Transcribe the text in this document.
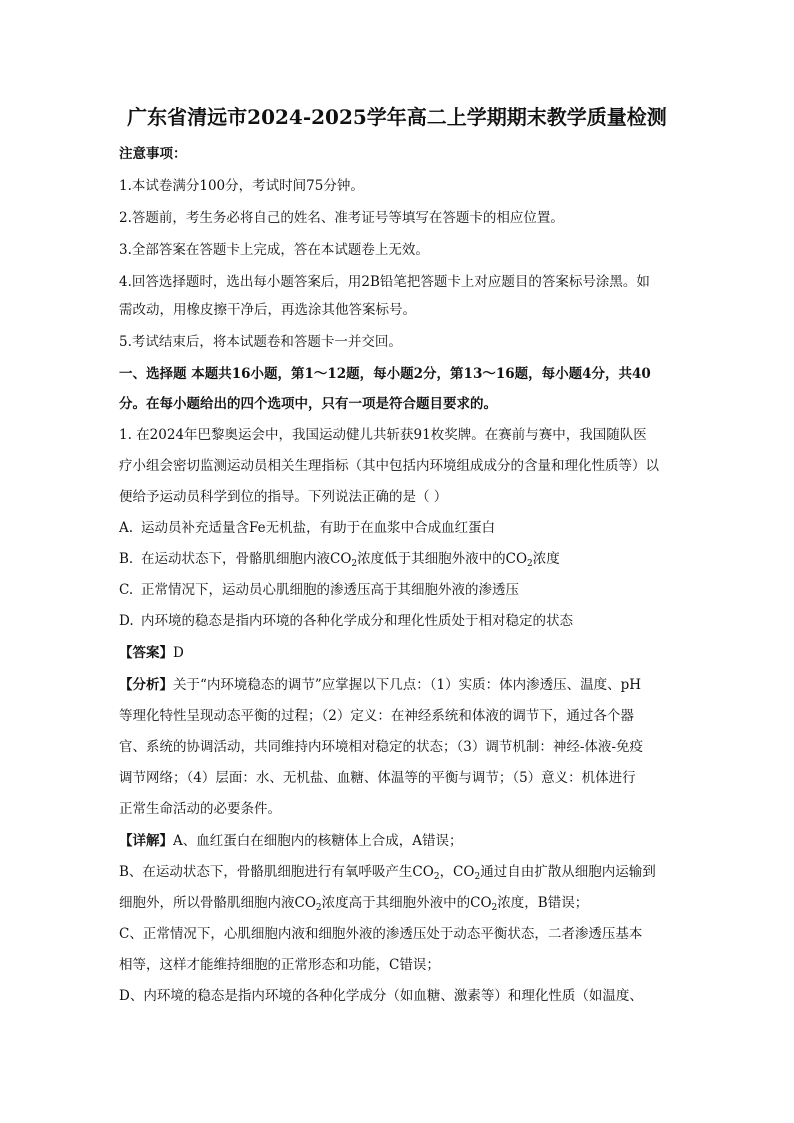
广东省清远市2024-2025学年高二上学期期末教学质量检测
注意事项：
1.本试卷满分100分，考试时间75分钟。
2.答题前，考生务必将自己的姓名、准考证号等填写在答题卡的相应位置。
3.全部答案在答题卡上完成，答在本试题卷上无效。
4.回答选择题时，选出每小题答案后，用2B铅笔把答题卡上对应题目的答案标号涂黑。如
需改动，用橡皮擦干净后，再选涂其他答案标号。
5.考试结束后，将本试题卷和答题卡一并交回。
一、选择题 本题共16小题，第1～12题，每小题2分，第13～16题，每小题4分，共40
分。在每小题给出的四个选项中，只有一项是符合题目要求的。
1. 在2024年巴黎奥运会中，我国运动健儿共斩获91枚奖牌。在赛前与赛中，我国随队医
疗小组会密切监测运动员相关生理指标（其中包括内环境组成成分的含量和理化性质等）以
便给予运动员科学到位的指导。下列说法正确的是（ ）
A. 运动员补充适量含Fe无机盐，有助于在血浆中合成血红蛋白
B. 在运动状态下，骨骼肌细胞内液$CO_2$浓度低于其细胞外液中的$CO_2$浓度
C. 正常情况下，运动员心肌细胞的渗透压高于其细胞外液的渗透压
D. 内环境的稳态是指内环境的各种化学成分和理化性质处于相对稳定的状态
【答案】D
【分析】关于“内环境稳态的调节”应掌握以下几点：（1）实质：体内渗透压、温度、pH
等理化特性呈现动态平衡的过程；（2）定义：在神经系统和体液的调节下，通过各个器
官、系统的协调活动，共同维持内环境相对稳定的状态；（3）调节机制：神经-体液-免疫
调节网络；（4）层面：水、无机盐、血糖、体温等的平衡与调节；（5）意义：机体进行
正常生命活动的必要条件。
【详解】A、血红蛋白在细胞内的核糖体上合成，A错误；
B、在运动状态下，骨骼肌细胞进行有氧呼吸产生$CO_2$，$CO_2$通过自由扩散从细胞内运输到
细胞外，所以骨骼肌细胞内液$CO_2$浓度高于其细胞外液中的$CO_2$浓度，B错误；
C、正常情况下，心肌细胞内液和细胞外液的渗透压处于动态平衡状态，二者渗透压基本
相等，这样才能维持细胞的正常形态和功能，C错误；
D、内环境的稳态是指内环境的各种化学成分（如血糖、激素等）和理化性质（如温度、
